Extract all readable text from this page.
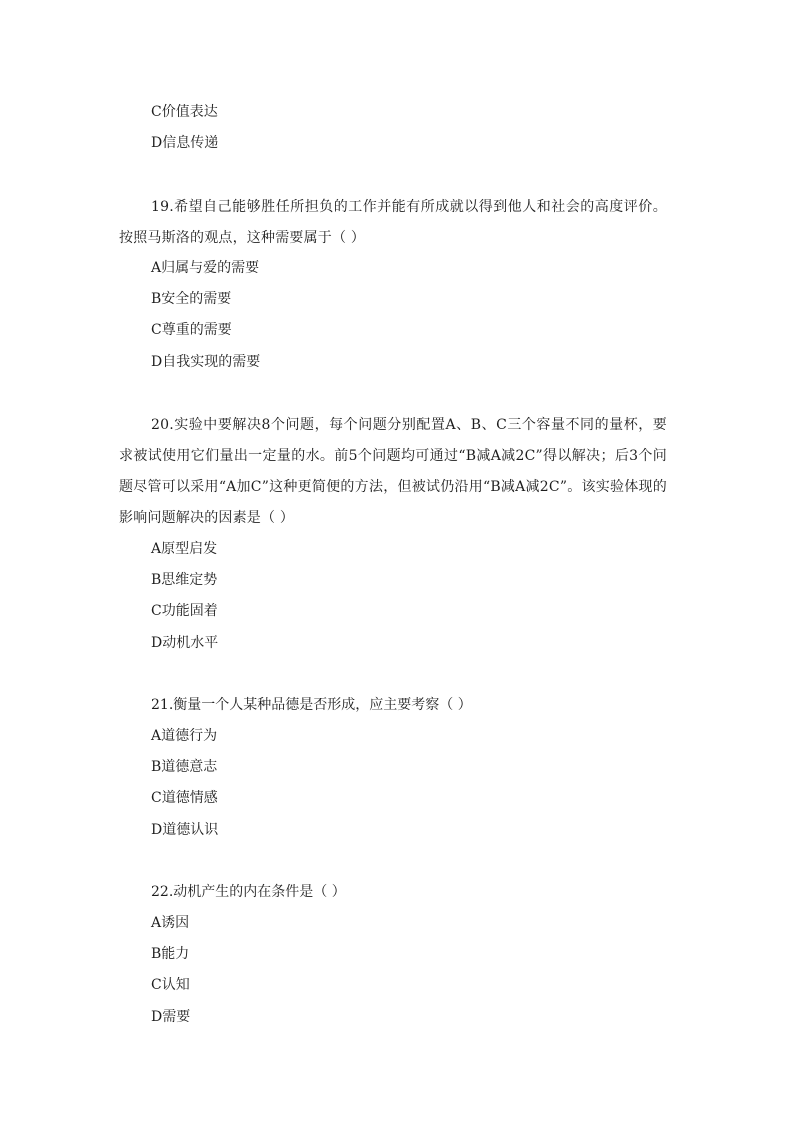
C价值表达
D信息传递
19.希望自己能够胜任所担负的工作并能有所成就以得到他人和社会的高度评价。按照马斯洛的观点，这种需要属于（ ）
A归属与爱的需要
B安全的需要
C尊重的需要
D自我实现的需要
20.实验中要解决8个问题，每个问题分别配置A、B、C三个容量不同的量杯，要求被试使用它们量出一定量的水。前5个问题均可通过“B减A减2C”得以解决；后3个问题尽管可以采用“A加C”这种更简便的方法，但被试仍沿用“B减A减2C”。该实验体现的影响问题解决的因素是（ ）
A原型启发
B思维定势
C功能固着
D动机水平
21.衡量一个人某种品德是否形成，应主要考察（ ）
A道德行为
B道德意志
C道德情感
D道德认识
22.动机产生的内在条件是（ ）
A诱因
B能力
C认知
D需要
